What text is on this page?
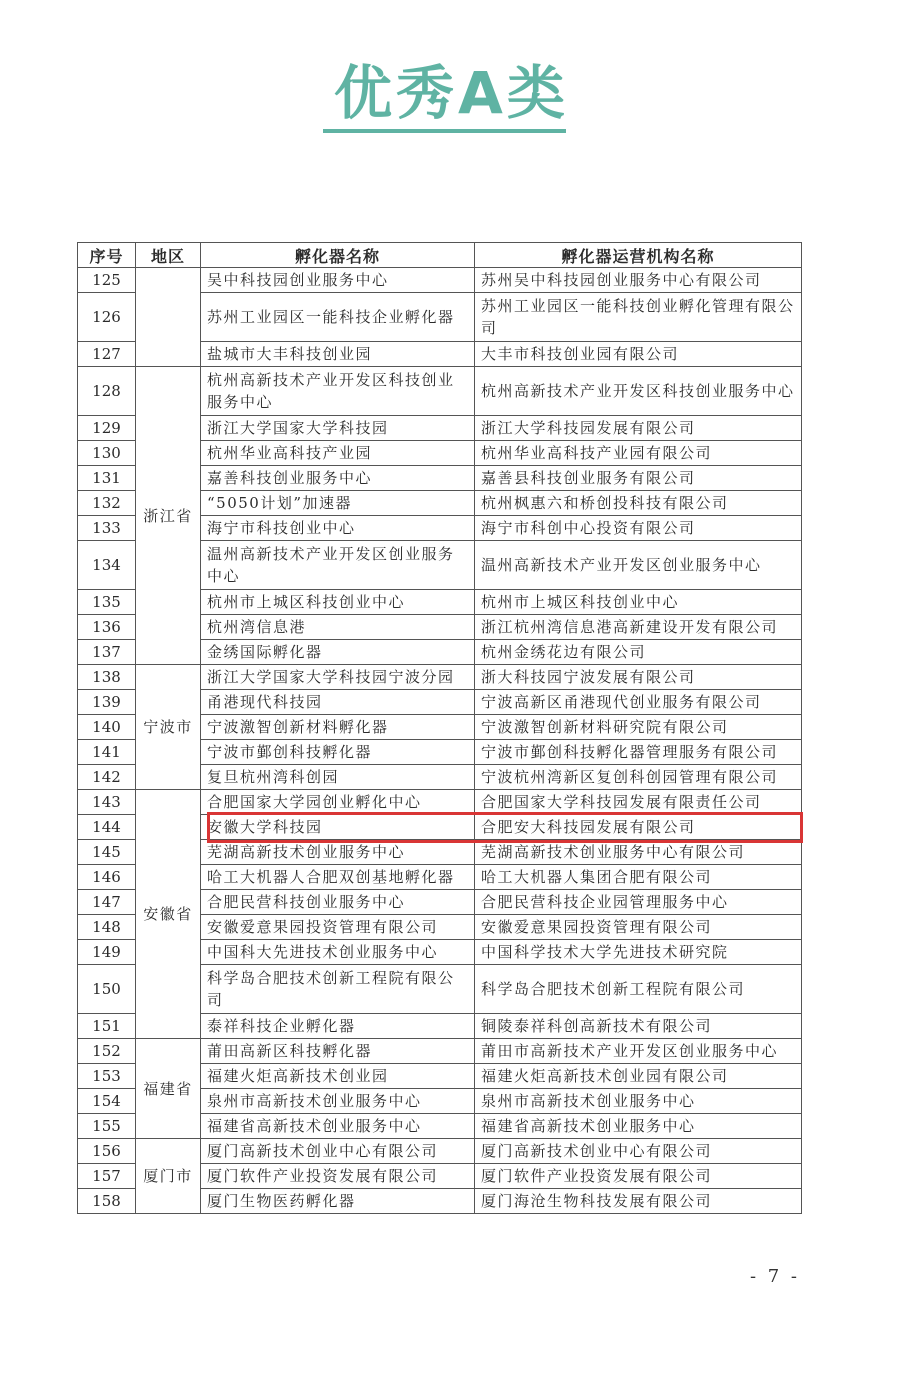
优秀A类
序号	地区	孵化器名称	孵化器运营机构名称
125		吴中科技园创业服务中心	苏州吴中科技园创业服务中心有限公司
126		苏州工业园区一能科技企业孵化器	苏州工业园区一能科技创业孵化管理有限公司
127		盐城市大丰科技创业园	大丰市科技创业园有限公司
128	浙江省	杭州高新技术产业开发区科技创业服务中心	杭州高新技术产业开发区科技创业服务中心
129		浙江大学国家大学科技园	浙江大学科技园发展有限公司
130		杭州华业高科技产业园	杭州华业高科技产业园有限公司
131		嘉善科技创业服务中心	嘉善县科技创业服务有限公司
132		“5050计划”加速器	杭州枫惠六和桥创投科技有限公司
133		海宁市科技创业中心	海宁市科创中心投资有限公司
134		温州高新技术产业开发区创业服务中心	温州高新技术产业开发区创业服务中心
135		杭州市上城区科技创业中心	杭州市上城区科技创业中心
136		杭州湾信息港	浙江杭州湾信息港高新建设开发有限公司
137		金绣国际孵化器	杭州金绣花边有限公司
138	宁波市	浙江大学国家大学科技园宁波分园	浙大科技园宁波发展有限公司
139		甬港现代科技园	宁波高新区甬港现代创业服务有限公司
140		宁波激智创新材料孵化器	宁波激智创新材料研究院有限公司
141		宁波市鄞创科技孵化器	宁波市鄞创科技孵化器管理服务有限公司
142		复旦杭州湾科创园	宁波杭州湾新区复创科创园管理有限公司
143	安徽省	合肥国家大学园创业孵化中心	合肥国家大学科技园发展有限责任公司
144		安徽大学科技园	合肥安大科技园发展有限公司
145		芜湖高新技术创业服务中心	芜湖高新技术创业服务中心有限公司
146		哈工大机器人合肥双创基地孵化器	哈工大机器人集团合肥有限公司
147		合肥民营科技创业服务中心	合肥民营科技企业园管理服务中心
148		安徽爱意果园投资管理有限公司	安徽爱意果园投资管理有限公司
149		中国科大先进技术创业服务中心	中国科学技术大学先进技术研究院
150		科学岛合肥技术创新工程院有限公司	科学岛合肥技术创新工程院有限公司
151		泰祥科技企业孵化器	铜陵泰祥科创高新技术有限公司
152	福建省	莆田高新区科技孵化器	莆田市高新技术产业开发区创业服务中心
153		福建火炬高新技术创业园	福建火炬高新技术创业园有限公司
154		泉州市高新技术创业服务中心	泉州市高新技术创业服务中心
155		福建省高新技术创业服务中心	福建省高新技术创业服务中心
156	厦门市	厦门高新技术创业中心有限公司	厦门高新技术创业中心有限公司
157		厦门软件产业投资发展有限公司	厦门软件产业投资发展有限公司
158		厦门生物医药孵化器	厦门海沧生物科技发展有限公司
- 7 -
